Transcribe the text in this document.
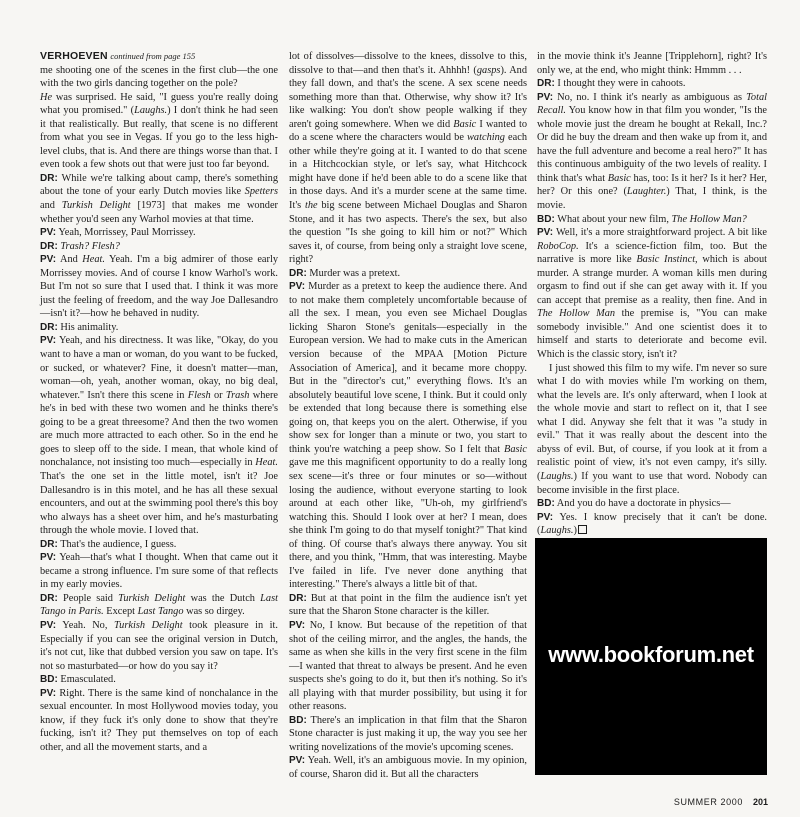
VERHOEVEN continued from page 155

me shooting one of the scenes in the first club—the one with the two girls dancing together on the pole?
He was surprised. He said, "I guess you're really doing what you promised." (Laughs.) I don't think he had seen it that realistically. But really, that scene is no different from what you see in Vegas. If you go to the less high-level clubs, that is. And there are things worse than that. I even took a few shots out that were just too far beyond.

DR: While we're talking about camp, there's something about the tone of your early Dutch movies like Spetters and Turkish Delight [1973] that makes me wonder whether you'd seen any Warhol movies at that time.

PV: Yeah, Morrissey, Paul Morrissey.

DR: Trash? Flesh?

PV: And Heat. Yeah. I'm a big admirer of those early Morrissey movies. And of course I know Warhol's work. But I'm not so sure that I used that. I think it was more just the feeling of freedom, and the way Joe Dallesandro—isn't it?—how he behaved in nudity.

DR: His animality.

PV: Yeah, and his directness. It was like, "Okay, do you want to have a man or woman, do you want to be fucked, or sucked, or whatever? Fine, it doesn't matter—man, woman—oh, yeah, another woman, okay, no big deal, whatever." Isn't there this scene in Flesh or Trash where he's in bed with these two women and he thinks there's going to be a great threesome? And then the two women are much more attracted to each other. So in the end he goes to sleep off to the side. I mean, that whole kind of nonchalance, not insisting too much—especially in Heat. That's the one set in the little motel, isn't it? Joe Dallesandro is in this motel, and he has all these sexual encounters, and out at the swimming pool there's this boy who always has a sheet over him, and he's masturbating through the whole movie. I loved that.

DR: That's the audience, I guess.

PV: Yeah—that's what I thought. When that came out it became a strong influence. I'm sure some of that reflects in my early movies.

DR: People said Turkish Delight was the Dutch Last Tango in Paris. Except Last Tango was so dirgey.

PV: Yeah. No, Turkish Delight took pleasure in it. Especially if you can see the original version in Dutch, it's not cut, like that dubbed version you saw on tape. It's not so masturbated—or how do you say it?

BD: Emasculated.

PV: Right. There is the same kind of nonchalance in the sexual encounter. In most Hollywood movies today, you know, if they fuck it's only done to show that they're fucking, isn't it? They put themselves on top of each other, and all the movement starts, and a

lot of dissolves—dissolve to the knees, dissolve to this, dissolve to that—and then that's it. Ahhhh! (gasps). And they fall down, and that's the scene. A sex scene needs something more than that. Otherwise, why show it? It's like walking: You don't show people walking if they aren't going somewhere. When we did Basic I wanted to do a scene where the characters would be watching each other while they're going at it. I wanted to do that scene in a Hitchcockian style, or let's say, what Hitchcock might have done if he'd been able to do a scene like that in those days. And it's a murder scene at the same time. It's the big scene between Michael Douglas and Sharon Stone, and it has two aspects. There's the sex, but also the question "Is she going to kill him or not?" Which saves it, of course, from being only a straight love scene, right?

DR: Murder was a pretext.

PV: Murder as a pretext to keep the audience there. And to not make them completely uncomfortable because of all the sex. I mean, you even see Michael Douglas licking Sharon Stone's genitals—especially in the European version. We had to make cuts in the American version because of the MPAA [Motion Picture Association of America], and it became more choppy. But in the "director's cut," everything flows. It's an absolutely beautiful love scene, I think. But it could only be extended that long because there is something else going on, that keeps you on the alert. Otherwise, if you show sex for longer than a minute or two, you start to think you're watching a peep show. So I felt that Basic gave me this magnificent opportunity to do a really long sex scene—it's three or four minutes or so—without losing the audience, without everyone starting to look around at each other like, "Uh-oh, my girlfriend's watching this. Should I look over at her? I mean, does she think I'm going to do that myself tonight?" That kind of thing. Of course that's always there anyway. You sit there, and you think, "Hmm, that was interesting. Maybe I've failed in life. I've never done anything that interesting." There's always a little bit of that.

DR: But at that point in the film the audience isn't yet sure that the Sharon Stone character is the killer.

PV: No, I know. But because of the repetition of that shot of the ceiling mirror, and the angles, the hands, the same as when she kills in the very first scene in the film—I wanted that threat to always be present. And he even suspects she's going to do it, but then it's nothing. So it's all playing with that murder possibility, but using it for other reasons.

BD: There's an implication in that film that the Sharon Stone character is just making it up, the way you see her writing novelizations of the movie's upcoming scenes.

PV: Yeah. Well, it's an ambiguous movie. In my opinion, of course, Sharon did it. But all the characters

in the movie think it's Jeanne [Tripplehorn], right? It's only we, at the end, who might think: Hmmm . . .

DR: I thought they were in cahoots.

PV: No, no. I think it's nearly as ambiguous as Total Recall. You know how in that film you wonder, "Is the whole movie just the dream he bought at Rekall, Inc.? Or did he buy the dream and then wake up from it, and have the full adventure and become a real hero?" It has this continuous ambiguity of the two levels of reality. I think that's what Basic has, too: Is it her? Is it her? Her, her? Or this one? (Laughter.) That, I think, is the movie.

BD: What about your new film, The Hollow Man?

PV: Well, it's a more straightforward project. A bit like RoboCop. It's a science-fiction film, too. But the narrative is more like Basic Instinct, which is about murder. A strange murder. A woman kills men during orgasm to find out if she can get away with it. If you can accept that premise as a reality, then fine. And in The Hollow Man the premise is, "You can make somebody invisible." And one scientist does it to himself and starts to deteriorate and become evil. Which is the classic story, isn't it?

I just showed this film to my wife. I'm never so sure what I do with movies while I'm working on them, what the levels are. It's only afterward, when I look at the whole movie and start to reflect on it, that I see what I did. Anyway she felt that it was "a study in evil." That it was really about the descent into the abyss of evil. But, of course, if you look at it from a realistic point of view, it's not even campy, it's silly. (Laughs.) If you want to use that word. Nobody can become invisible in the first place.

BD: And you do have a doctorate in physics—

PV: Yes. I know precisely that it can't be done. (Laughs.)

www.bookforum.net
SUMMER 2000 201
